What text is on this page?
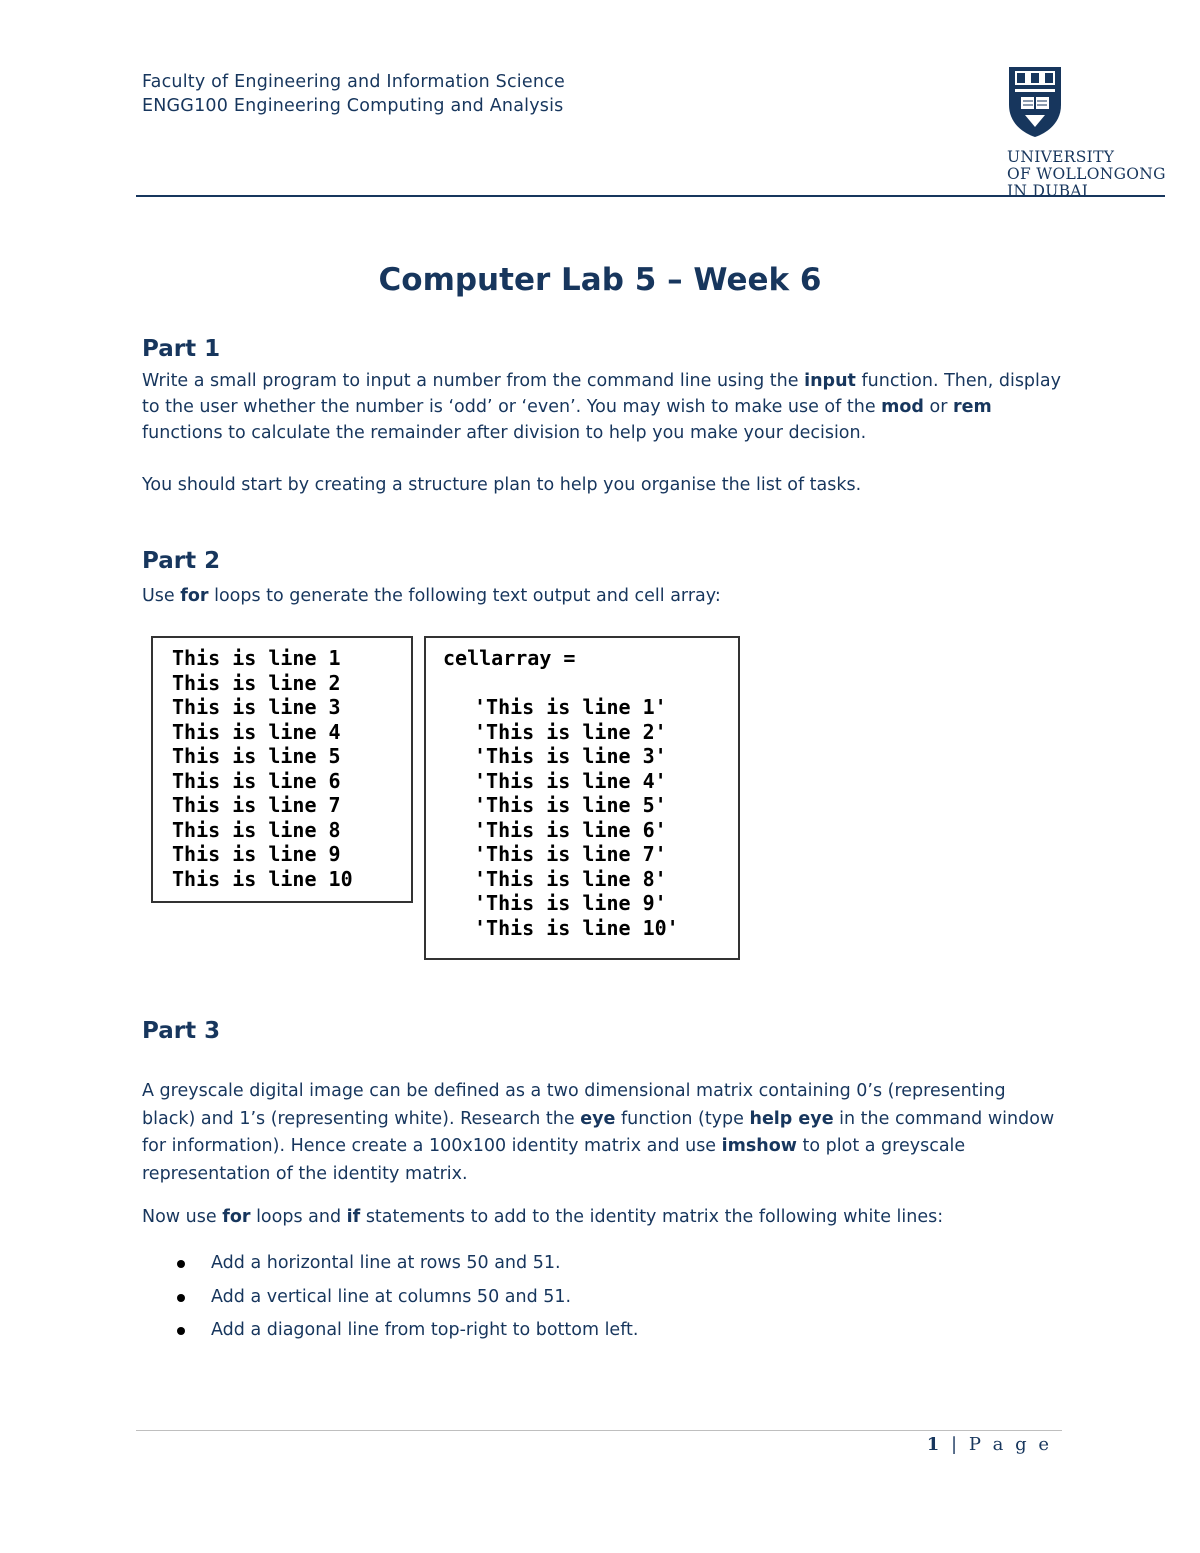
Faculty of Engineering and Information Science
ENGG100 Engineering Computing and Analysis
UNIVERSITY
OF WOLLONGONG
IN DUBAI
Computer Lab 5 – Week 6
Part 1

Write a small program to input a number from the command line using the input function. Then, display to the user whether the number is ‘odd’ or ‘even’. You may wish to make use of the mod or rem functions to calculate the remainder after division to help you make your decision.

You should start by creating a structure plan to help you organise the list of tasks.

Part 2

Use for loops to generate the following text output and cell array:

This is line 1
This is line 2
This is line 3
This is line 4
This is line 5
This is line 6
This is line 7
This is line 8
This is line 9
This is line 10
cellarray =
'This is line 1'
'This is line 2'
'This is line 3'
'This is line 4'
'This is line 5'
'This is line 6'
'This is line 7'
'This is line 8'
'This is line 9'
'This is line 10'
Part 3

A greyscale digital image can be defined as a two dimensional matrix containing 0’s (representing black) and 1’s (representing white). Research the eye function (type help eye in the command window for information). Hence create a 100x100 identity matrix and use imshow to plot a greyscale representation of the identity matrix.

Now use for loops and if statements to add to the identity matrix the following white lines:

Add a horizontal line at rows 50 and 51.
Add a vertical line at columns 50 and 51.
Add a diagonal line from top-right to bottom left.
1 | P a g e
